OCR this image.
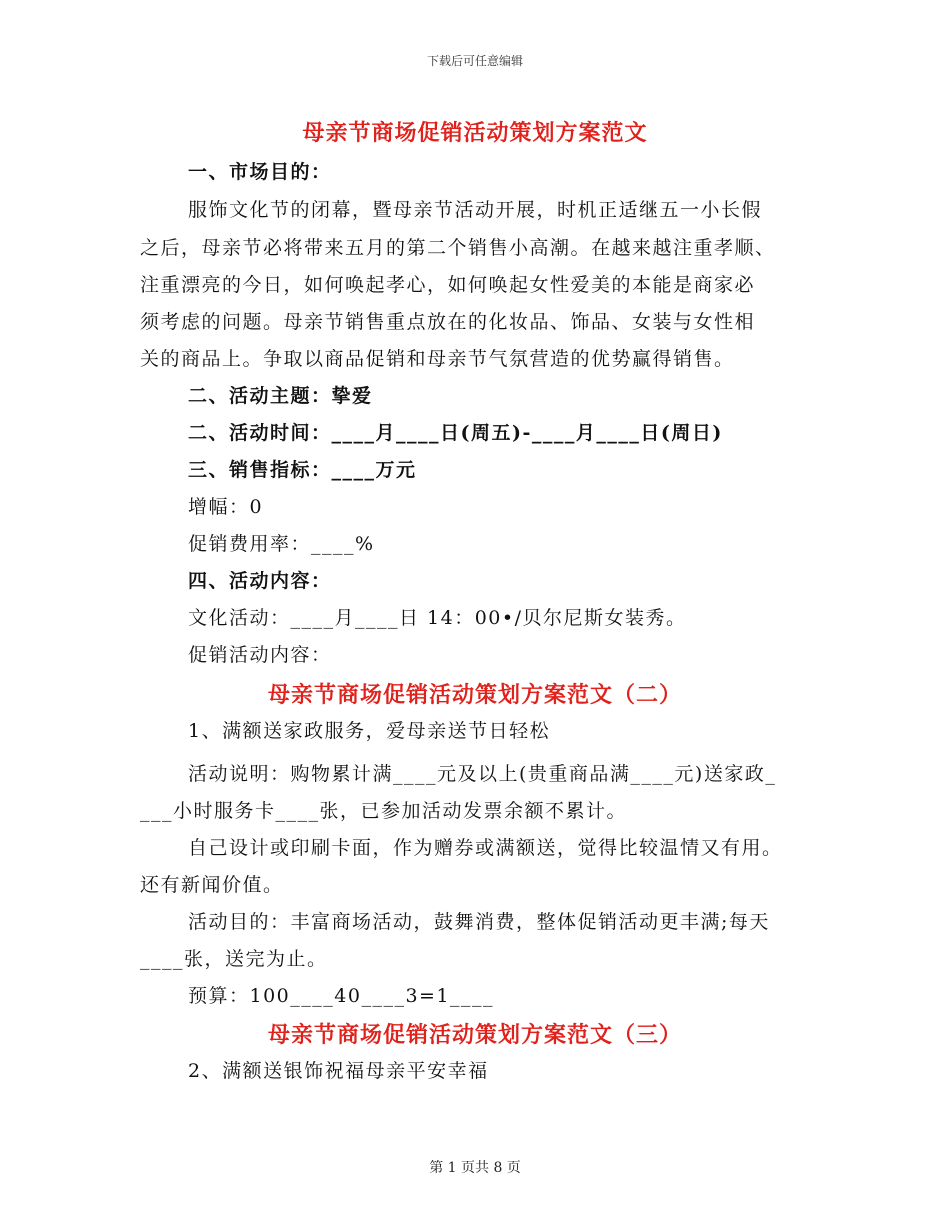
下载后可任意编辑
母亲节商场促销活动策划方案范文
一、市场目的：
服饰文化节的闭幕，暨母亲节活动开展，时机正适继五一小长假
之后，母亲节必将带来五月的第二个销售小高潮。在越来越注重孝顺、
注重漂亮的今日，如何唤起孝心，如何唤起女性爱美的本能是商家必
须考虑的问题。母亲节销售重点放在的化妆品、饰品、女装与女性相
关的商品上。争取以商品促销和母亲节气氛营造的优势赢得销售。
二、活动主题：挚爱
二、活动时间：____月____日(周五)-____月____日(周日)
三、销售指标：____万元
增幅：0
促销费用率：____%
四、活动内容：
文化活动：____月____日 14：00•/贝尔尼斯女装秀。
促销活动内容：
母亲节商场促销活动策划方案范文（二）
1、满额送家政服务，爱母亲送节日轻松
活动说明：购物累计满____元及以上(贵重商品满____元)送家政_
___小时服务卡____张，已参加活动发票余额不累计。
自己设计或印刷卡面，作为赠券或满额送，觉得比较温情又有用。
还有新闻价值。
活动目的：丰富商场活动，鼓舞消费，整体促销活动更丰满;每天
____张，送完为止。
预算：100____40____3=1____
母亲节商场促销活动策划方案范文（三）
2、满额送银饰祝福母亲平安幸福
第 1 页共 8 页
